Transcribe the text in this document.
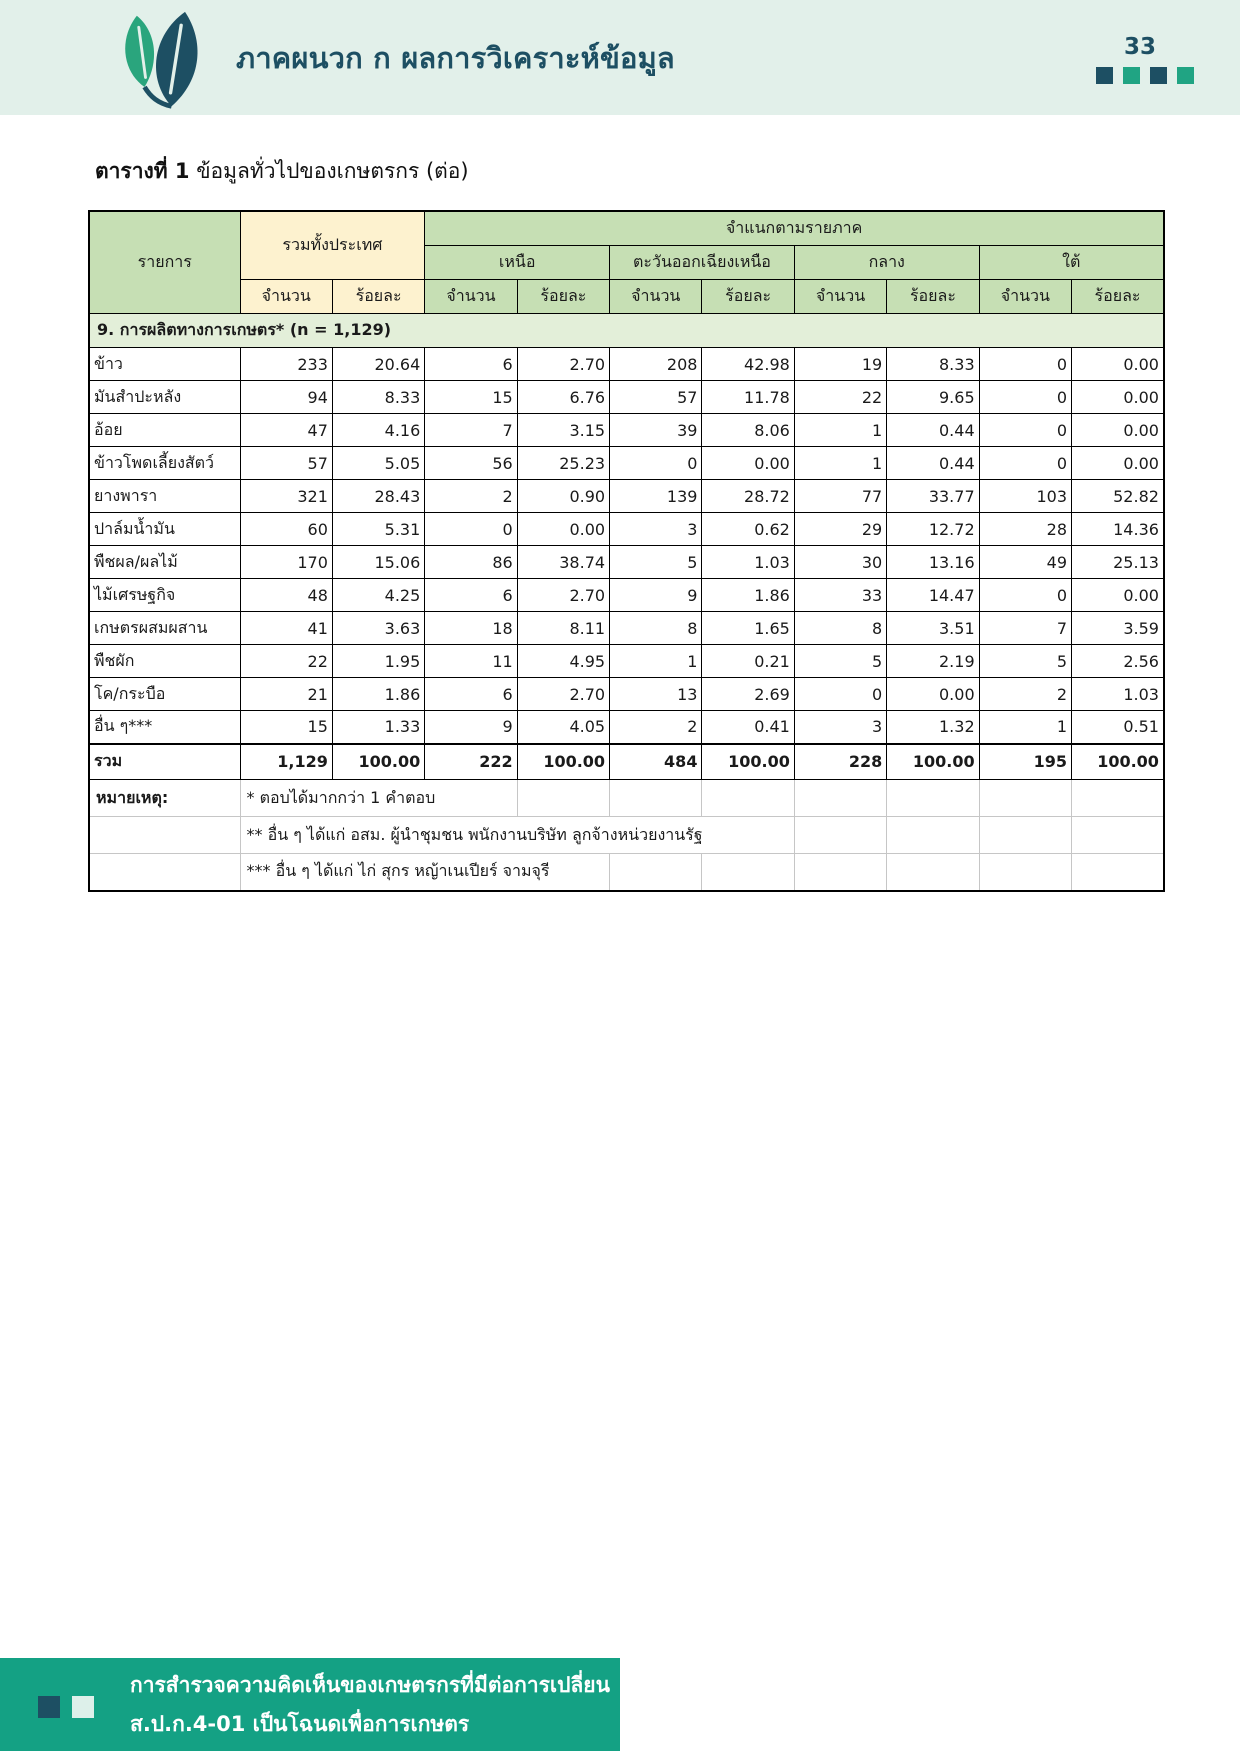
ภาคผนวก ก ผลการวิเคราะห์ข้อมูล	33

ตารางที่ 1 ข้อมูลทั่วไปของเกษตรกร (ต่อ)

รายการ	รวมทั้งประเทศ		จำแนกตามรายภาค							
			เหนือ		ตะวันออกเฉียงเหนือ		กลาง		ใต้	
	จำนวน	ร้อยละ	จำนวน	ร้อยละ	จำนวน	ร้อยละ	จำนวน	ร้อยละ	จำนวน	ร้อยละ
9. การผลิตทางการเกษตร* (n = 1,129)										
ข้าว	233	20.64	6	2.70	208	42.98	19	8.33	0	0.00
มันสำปะหลัง	94	8.33	15	6.76	57	11.78	22	9.65	0	0.00
อ้อย	47	4.16	7	3.15	39	8.06	1	0.44	0	0.00
ข้าวโพดเลี้ยงสัตว์	57	5.05	56	25.23	0	0.00	1	0.44	0	0.00
ยางพารา	321	28.43	2	0.90	139	28.72	77	33.77	103	52.82
ปาล์มน้ำมัน	60	5.31	0	0.00	3	0.62	29	12.72	28	14.36
พืชผล/ผลไม้	170	15.06	86	38.74	5	1.03	30	13.16	49	25.13
ไม้เศรษฐกิจ	48	4.25	6	2.70	9	1.86	33	14.47	0	0.00
เกษตรผสมผสาน	41	3.63	18	8.11	8	1.65	8	3.51	7	3.59
พืชผัก	22	1.95	11	4.95	1	0.21	5	2.19	5	2.56
โค/กระบือ	21	1.86	6	2.70	13	2.69	0	0.00	2	1.03
อื่น ๆ***	15	1.33	9	4.05	2	0.41	3	1.32	1	0.51
รวม	1,129	100.00	222	100.00	484	100.00	228	100.00	195	100.00
หมายเหตุ:	* ตอบได้มากกว่า 1 คำตอบ									
	** อื่น ๆ ได้แก่ อสม. ผู้นำชุมชน พนักงานบริษัท ลูกจ้างหน่วยงานรัฐ									
	*** อื่น ๆ ได้แก่ ไก่ สุกร หญ้าเนเปียร์ จามจุรี									
การสำรวจความคิดเห็นของเกษตรกรที่มีต่อการเปลี่ยน
ส.ป.ก.4-01 เป็นโฉนดเพื่อการเกษตร
